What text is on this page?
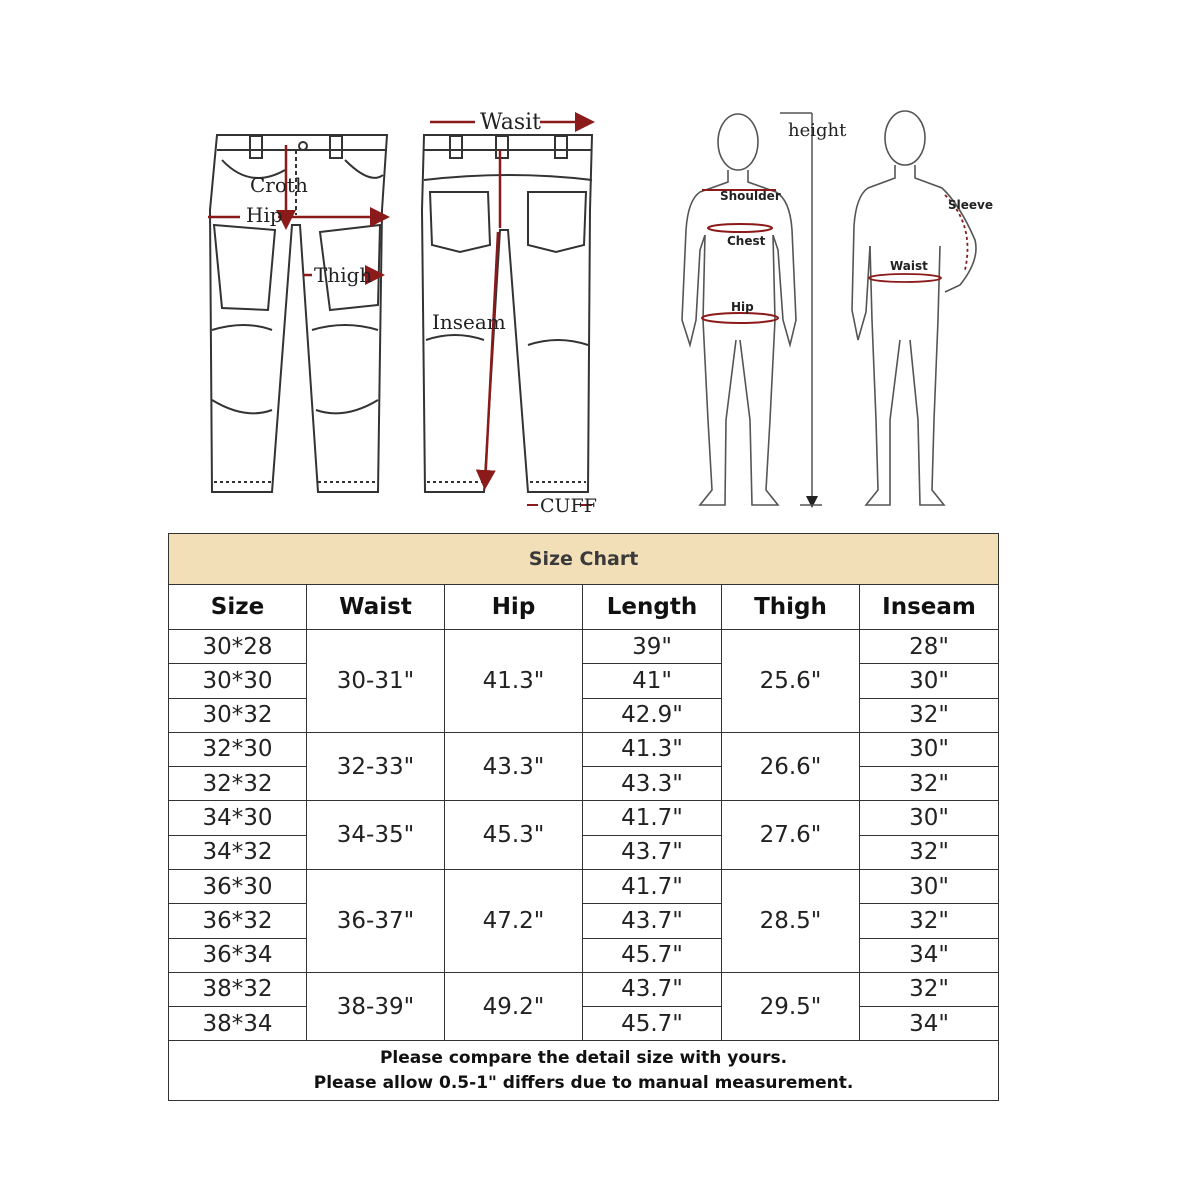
Croth
Hip
Thigh
Wasit
Inseam
CUFF
Shoulder
Chest
Hip
height
Sleeve
Waist
Size Chart					
Size	Waist	Hip	Length	Thigh	Inseam
30*28	30-31"	41.3"	39"	25.6"	28"
30*30			41"		30"
30*32			42.9"		32"
32*30	32-33"	43.3"	41.3"	26.6"	30"
32*32			43.3"		32"
34*30	34-35"	45.3"	41.7"	27.6"	30"
34*32			43.7"		32"
36*30	36-37"	47.2"	41.7"	28.5"	30"
36*32			43.7"		32"
36*34			45.7"		34"
38*32	38-39"	49.2"	43.7"	29.5"	32"
38*34			45.7"		34"

Please compare the detail size with yours.
Please allow 0.5-1" differs due to manual measurement.					
